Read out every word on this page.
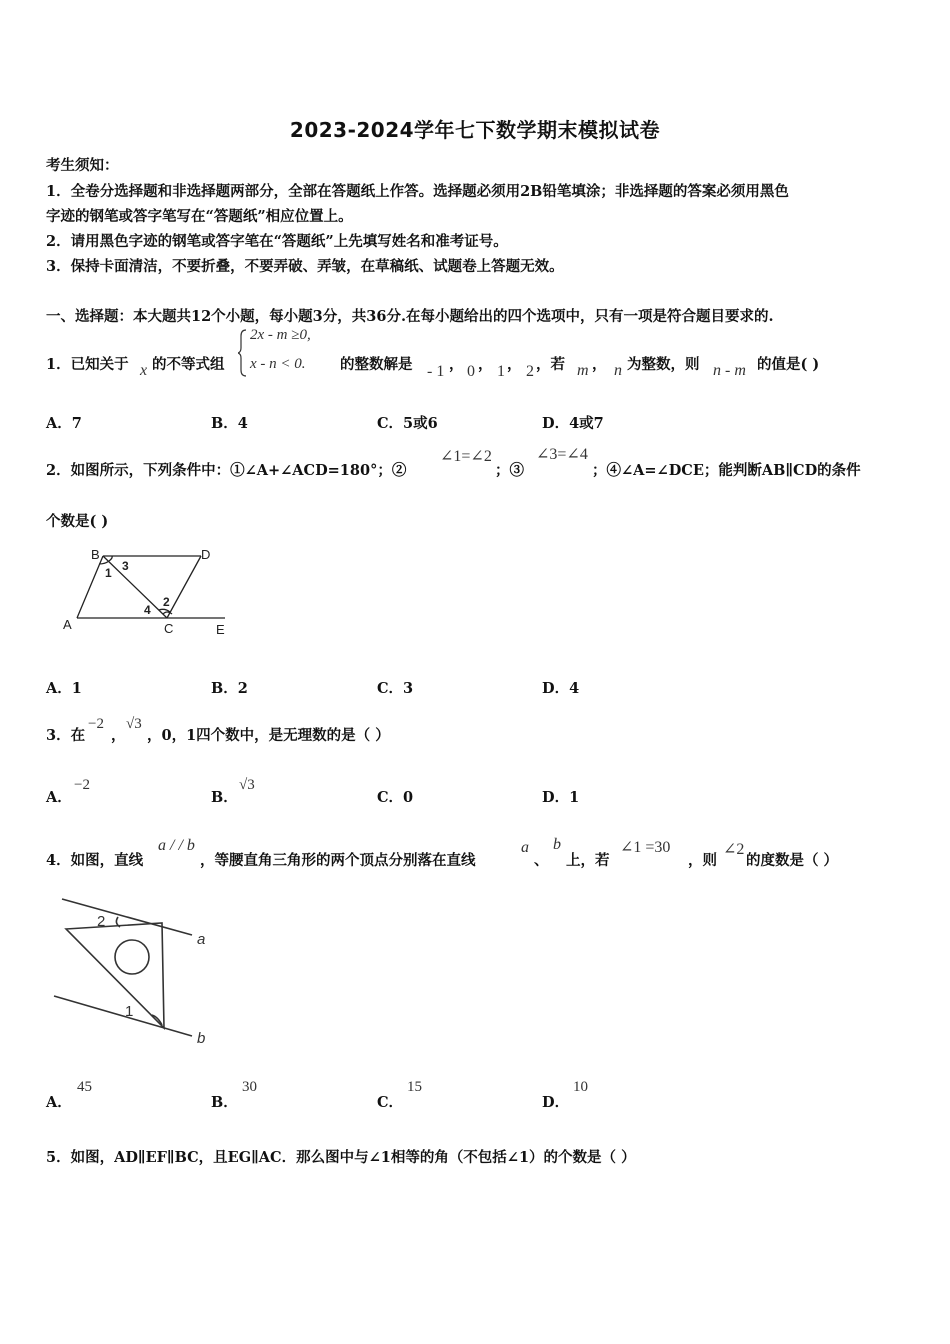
2023-2024学年七下数学期末模拟试卷
考生须知：
1．全卷分选择题和非选择题两部分，全部在答题纸上作答。选择题必须用2B铅笔填涂；非选择题的答案必须用黑色
字迹的钢笔或答字笔写在“答题纸”相应位置上。
2．请用黑色字迹的钢笔或答字笔在“答题纸”上先填写姓名和准考证号。
3．保持卡面清洁，不要折叠，不要弄破、弄皱，在草稿纸、试题卷上答题无效。
一、选择题：本大题共12个小题，每小题3分，共36分.在每小题给出的四个选项中，只有一项是符合题目要求的.
1．已知关于 x 的不等式组
2x - m ≥0,
x - n < 0. 的整数解是 - 1 ， 0 ， 1 ， 2 ，若 m ， n 为整数，则 n - m 的值是( )
A．7	B．4	C．5或6	D．4或7
2．如图所示，下列条件中：①∠A+∠ACD=180°；②
∠1=∠2
；③
∠3=∠4
；④∠A=∠DCE；能判断AB∥CD的条件
个数是( )
B	D
A	C	E
1 3
2
4
A．1	B．2	C．3	D．4
3．在
−2
，
√3
，0，1四个数中，是无理数的是（ ）
A．
−2
B．
√3
C．0	D．1
4．如图，直线
a / / b
，等腰直角三角形的两个顶点分别落在直线
a
、
b
上，若
∠1 =30
，则
∠2
的度数是（ ）
2
1
a
b
A．
45
B．
30
C．
15
D．
10
5．如图，AD∥EF∥BC，且EG∥AC．那么图中与∠1相等的角（不包括∠1）的个数是（ ）
